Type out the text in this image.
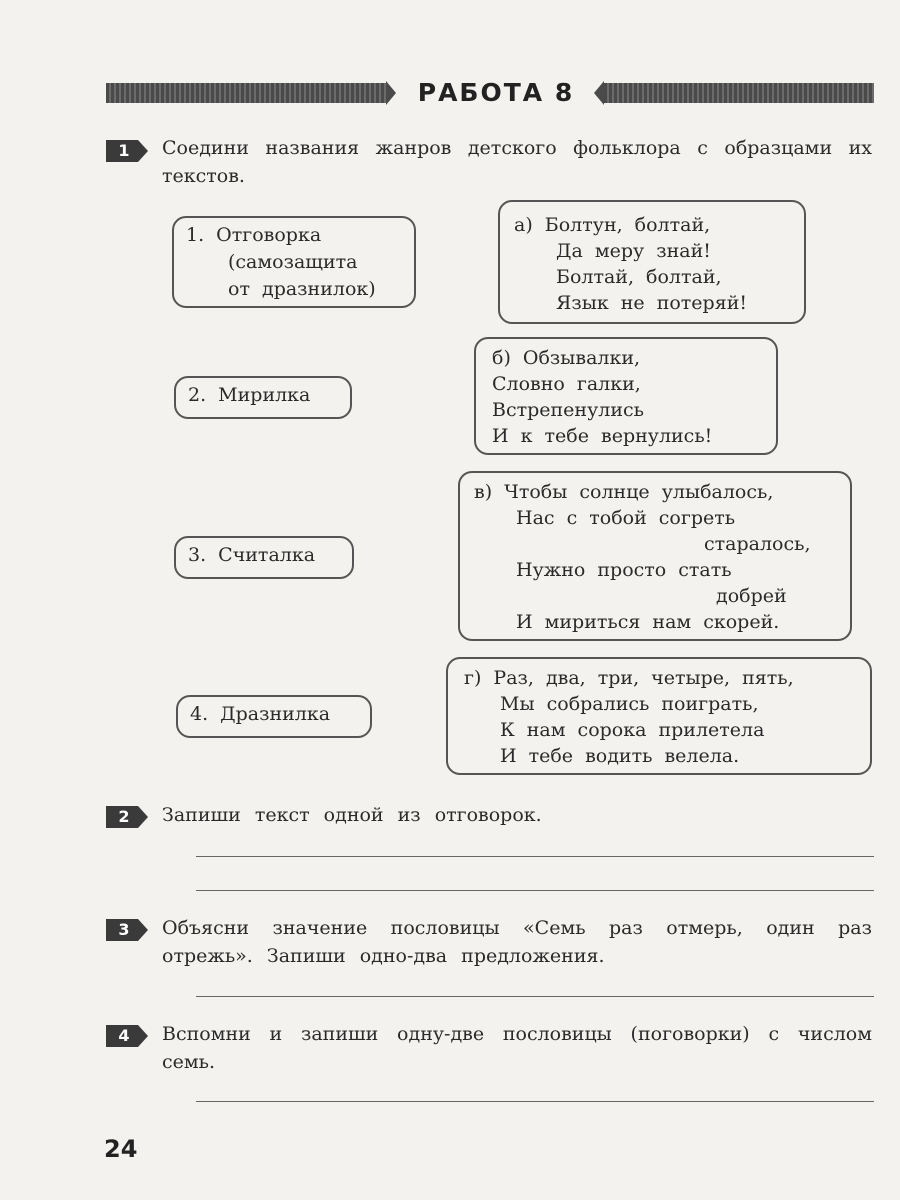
РАБОТА 8
1	Соедини названия жанров детского фольклора с образцами их текстов.
1. Отговорка
(самозащита
от дразнилок)
2. Мирилка
3. Считалка
4. Дразнилка
а) Болтун, болтай,
Да меру знай!
Болтай, болтай,
Язык не потеряй!
б) Обзывалки,
Словно галки,
Встрепенулись
И к тебе вернулись!
в) Чтобы солнце улыбалось,
Нас с тобой согреть
старалось,
Нужно просто стать
добрей
И мириться нам скорей.
г) Раз, два, три, четыре, пять,
Мы собрались поиграть,
К нам сорока прилетела
И тебе водить велела.
2	Запиши текст одной из отговорок.
3	Объясни значение пословицы «Семь раз отмерь, один раз отрежь». Запиши одно-два предложения.
4	Вспомни и запиши одну-две пословицы (поговорки) с числом семь.
24
